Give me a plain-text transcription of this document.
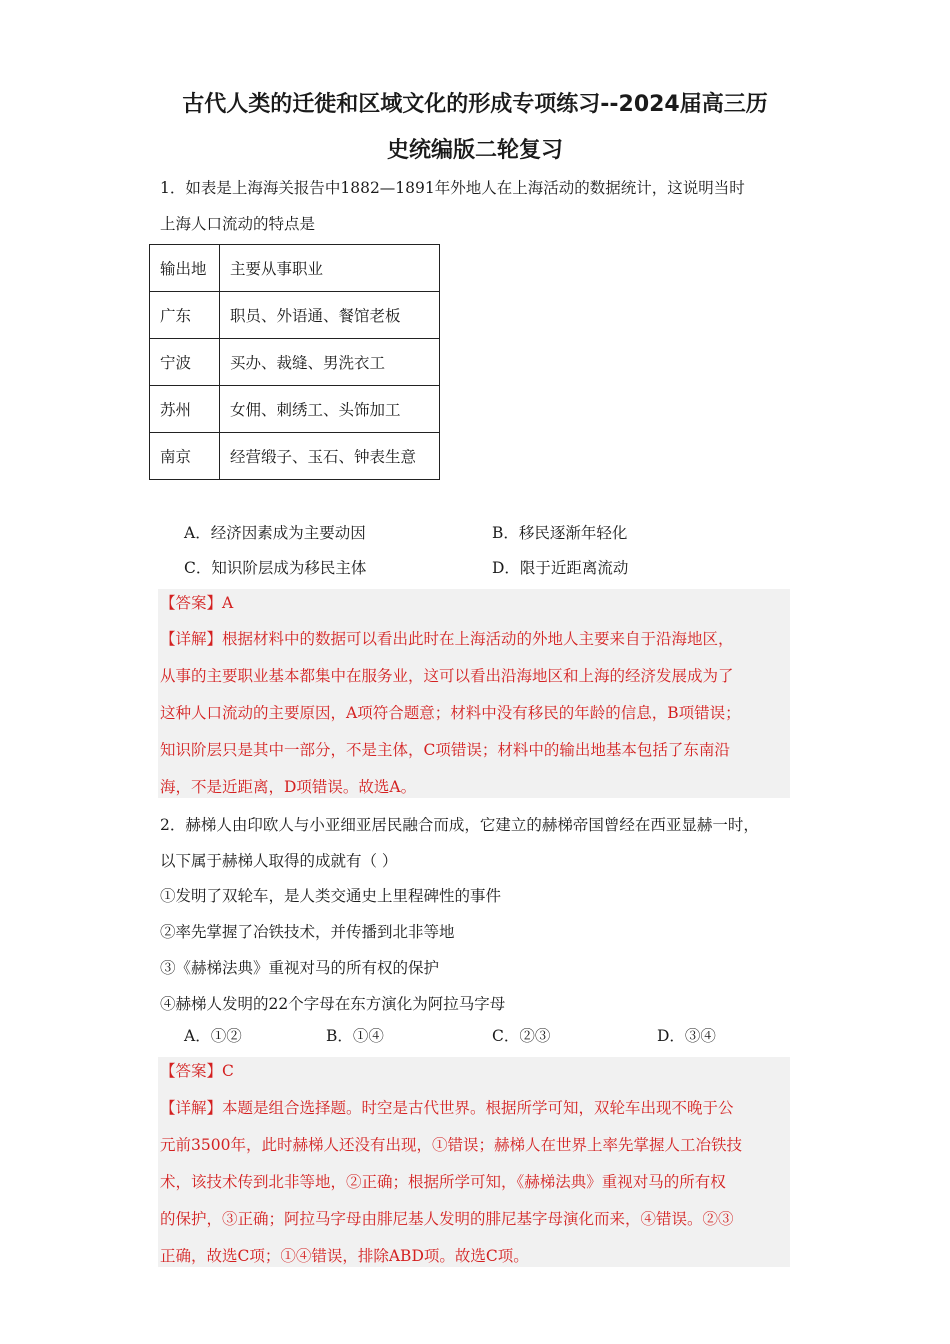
古代人类的迁徙和区域文化的形成专项练习--2024届高三历
史统编版二轮复习
1．如表是上海海关报告中1882—1891年外地人在上海活动的数据统计，这说明当时
上海人口流动的特点是
输出地	主要从事职业
广东	职员、外语通、餐馆老板
宁波	买办、裁缝、男洗衣工
苏州	女佣、刺绣工、头饰加工
南京	经营缎子、玉石、钟表生意
A．经济因素成为主要动因	B．移民逐渐年轻化
C．知识阶层成为移民主体	D．限于近距离流动
【答案】A
【详解】根据材料中的数据可以看出此时在上海活动的外地人主要来自于沿海地区，
从事的主要职业基本都集中在服务业，这可以看出沿海地区和上海的经济发展成为了
这种人口流动的主要原因，A项符合题意；材料中没有移民的年龄的信息，B项错误；
知识阶层只是其中一部分，不是主体，C项错误；材料中的输出地基本包括了东南沿
海，不是近距离，D项错误。故选A。
2．赫梯人由印欧人与小亚细亚居民融合而成，它建立的赫梯帝国曾经在西亚显赫一时，
以下属于赫梯人取得的成就有（ ）
①发明了双轮车，是人类交通史上里程碑性的事件
②率先掌握了冶铁技术，并传播到北非等地
③《赫梯法典》重视对马的所有权的保护
④赫梯人发明的22个字母在东方演化为阿拉马字母
A．①②	B．①④	C．②③	D．③④
【答案】C
【详解】本题是组合选择题。时空是古代世界。根据所学可知，双轮车出现不晚于公
元前3500年，此时赫梯人还没有出现，①错误；赫梯人在世界上率先掌握人工冶铁技
术，该技术传到北非等地，②正确；根据所学可知，《赫梯法典》重视对马的所有权
的保护，③正确；阿拉马字母由腓尼基人发明的腓尼基字母演化而来，④错误。②③
正确，故选C项；①④错误，排除ABD项。故选C项。
